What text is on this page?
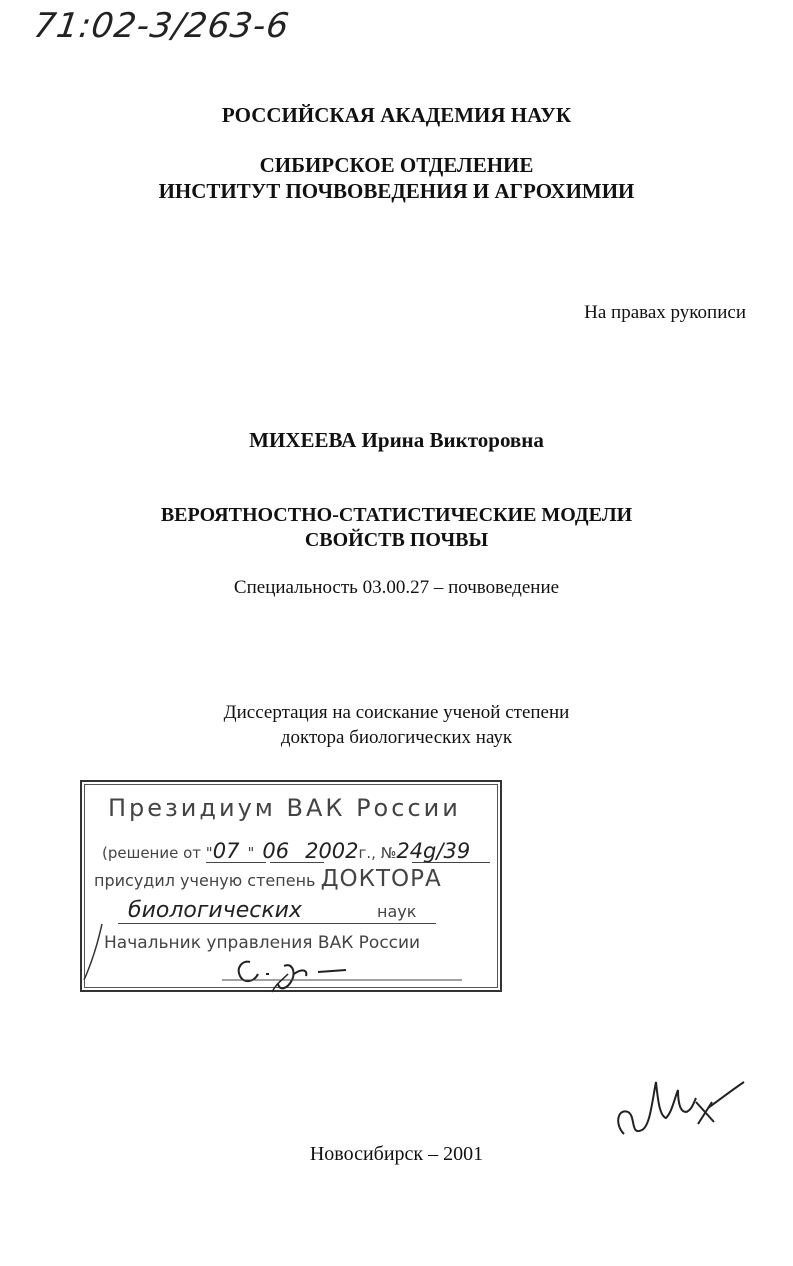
71:02-3/263-6
РОССИЙСКАЯ АКАДЕМИЯ НАУК
СИБИРСКОЕ ОТДЕЛЕНИЕ
ИНСТИТУТ ПОЧВОВЕДЕНИЯ И АГРОХИМИИ
На правах рукописи
МИХЕЕВА Ирина Викторовна
ВЕРОЯТНОСТНО-СТАТИСТИЧЕСКИЕ МОДЕЛИ
СВОЙСТВ ПОЧВЫ
Специальность 03.00.27 – почвоведение
Диссертация на соискание ученой степени
доктора биологических наук
Президиум ВАК России
(решение от "07 " 06 2002г., №24g/39
присудил ученую степень ДОКТОРА
биологических	наук
Начальник управления ВАК России
Новосибирск – 2001
